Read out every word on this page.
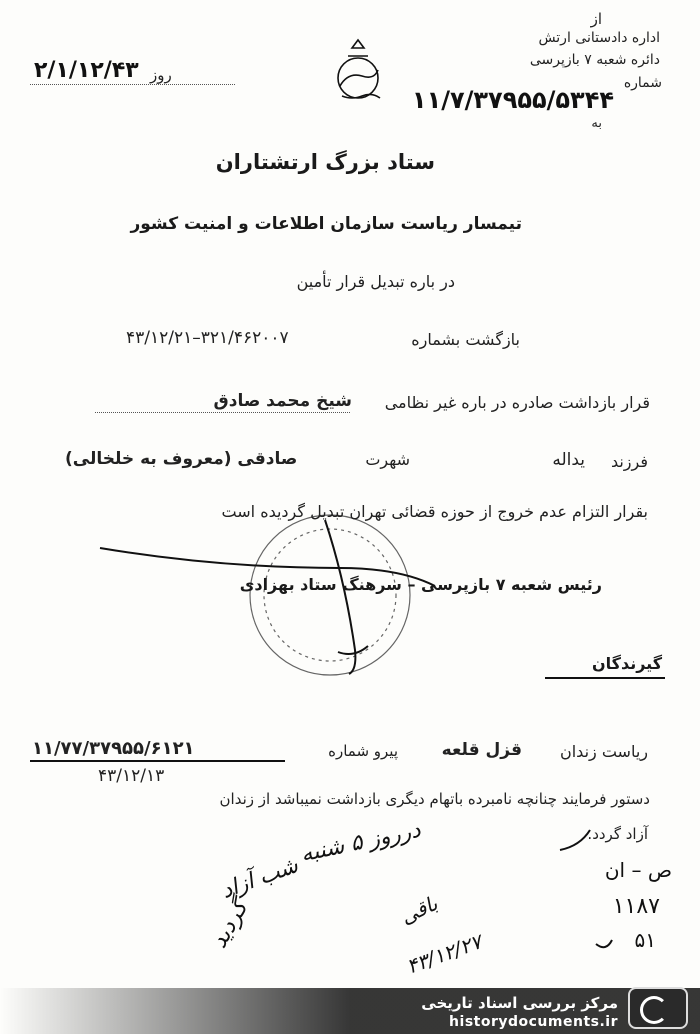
از
اداره دادستانی ارتش
دائره شعبه ۷ بازپرسی
شماره
۱۱/۷/۳۷۹۵۵/۵۳۴۴
به
روز
۲/۱/۱۲/۴۳
ستاد بزرگ ارتشتاران
تیمسار ریاست سازمان اطلاعات و امنیت کشور
در باره تبدیل قرار تأمین
بازگشت بشماره
۴۳/۱۲/۲۱–۳۲۱/۴۶۲۰۰۷
قرار بازداشت صادره در باره غیر نظامی
شیخ محمد صادق
فرزند
یداله
شهرت
صادقی (معروف به خلخالی)
بقرار التزام عدم خروج از حوزه قضائی تهران تبدیل گردیده است
رئیس شعبه ۷ بازپرسی – سرهنگ ستاد بهزادی
گیرندگان
ریاست زندان
قزل قلعه
پیرو شماره
۱۱/۷۷/۳۷۹۵۵/۶۱۲۱
۴۳/۱۲/۱۳
دستور فرمایند چنانچه نامبرده باتهام دیگری بازداشت نمیباشد از زندان
آزاد گردد.
درروز ۵ شنبه
شب آزاد
باقی
گردید
۴۳/۱۲/۲۷
ص – ان
۱۱۸۷
۵۱
مرکز بررسی اسناد تاریخی
historydocuments.ir
